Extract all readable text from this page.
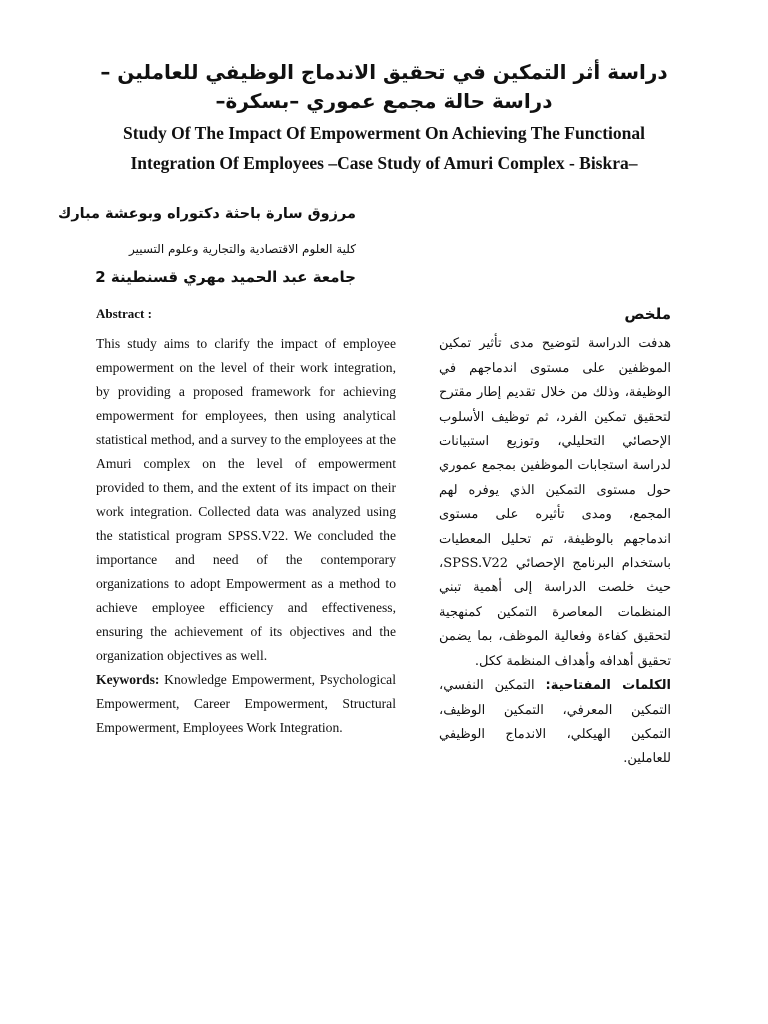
دراسة أثر التمكين في تحقيق الاندماج الوظيفي للعاملين – دراسة حالة مجمع عموري –بسكرة–
Study Of The Impact Of Empowerment On Achieving The Functional Integration Of Employees –Case Study of Amuri Complex - Biskra–
مرزوق سارة باحثة دكتوراه وبوعشة مبارك
كلية العلوم الاقتصادية والتجارية وعلوم التسيير
جامعة عبد الحميد مهري قسنطينة 2
Abstract :
This study aims to clarify the impact of employee empowerment on the level of their work integration, by providing a proposed framework for achieving empowerment for employees, then using analytical statistical method, and a survey to the employees at the Amuri complex on the level of empowerment provided to them, and the extent of its impact on their work integration. Collected data was analyzed using the statistical program SPSS.V22. We concluded the importance and need of the contemporary organizations to adopt Empowerment as a method to achieve employee efficiency and effectiveness, ensuring the achievement of its objectives and the organization objectives as well.
Keywords: Knowledge Empowerment, Psychological Empowerment, Career Empowerment, Structural Empowerment, Employees Work Integration.
ملخص
هدفت الدراسة لتوضيح مدى تأثير تمكين الموظفين على مستوى اندماجهم في الوظيفة، وذلك من خلال تقديم إطار مقترح لتحقيق تمكين الفرد، ثم توظيف الأسلوب الإحصائي التحليلي، وتوزيع استبيانات لدراسة استجابات الموظفين بمجمع عموري حول مستوى التمكين الذي يوفره لهم المجمع، ومدى تأثيره على مستوى اندماجهم بالوظيفة، تم تحليل المعطيات باستخدام البرنامج الإحصائي SPSS.V22، حيث خلصت الدراسة إلى أهمية تبني المنظمات المعاصرة التمكين كمنهجية لتحقيق كفاءة وفعالية الموظف، بما يضمن تحقيق أهدافه وأهداف المنظمة ككل.
الكلمات المفتاحية: التمكين النفسي، التمكين المعرفي، التمكين الوظيف، التمكين الهيكلي، الاندماج الوظيفي للعاملين.
